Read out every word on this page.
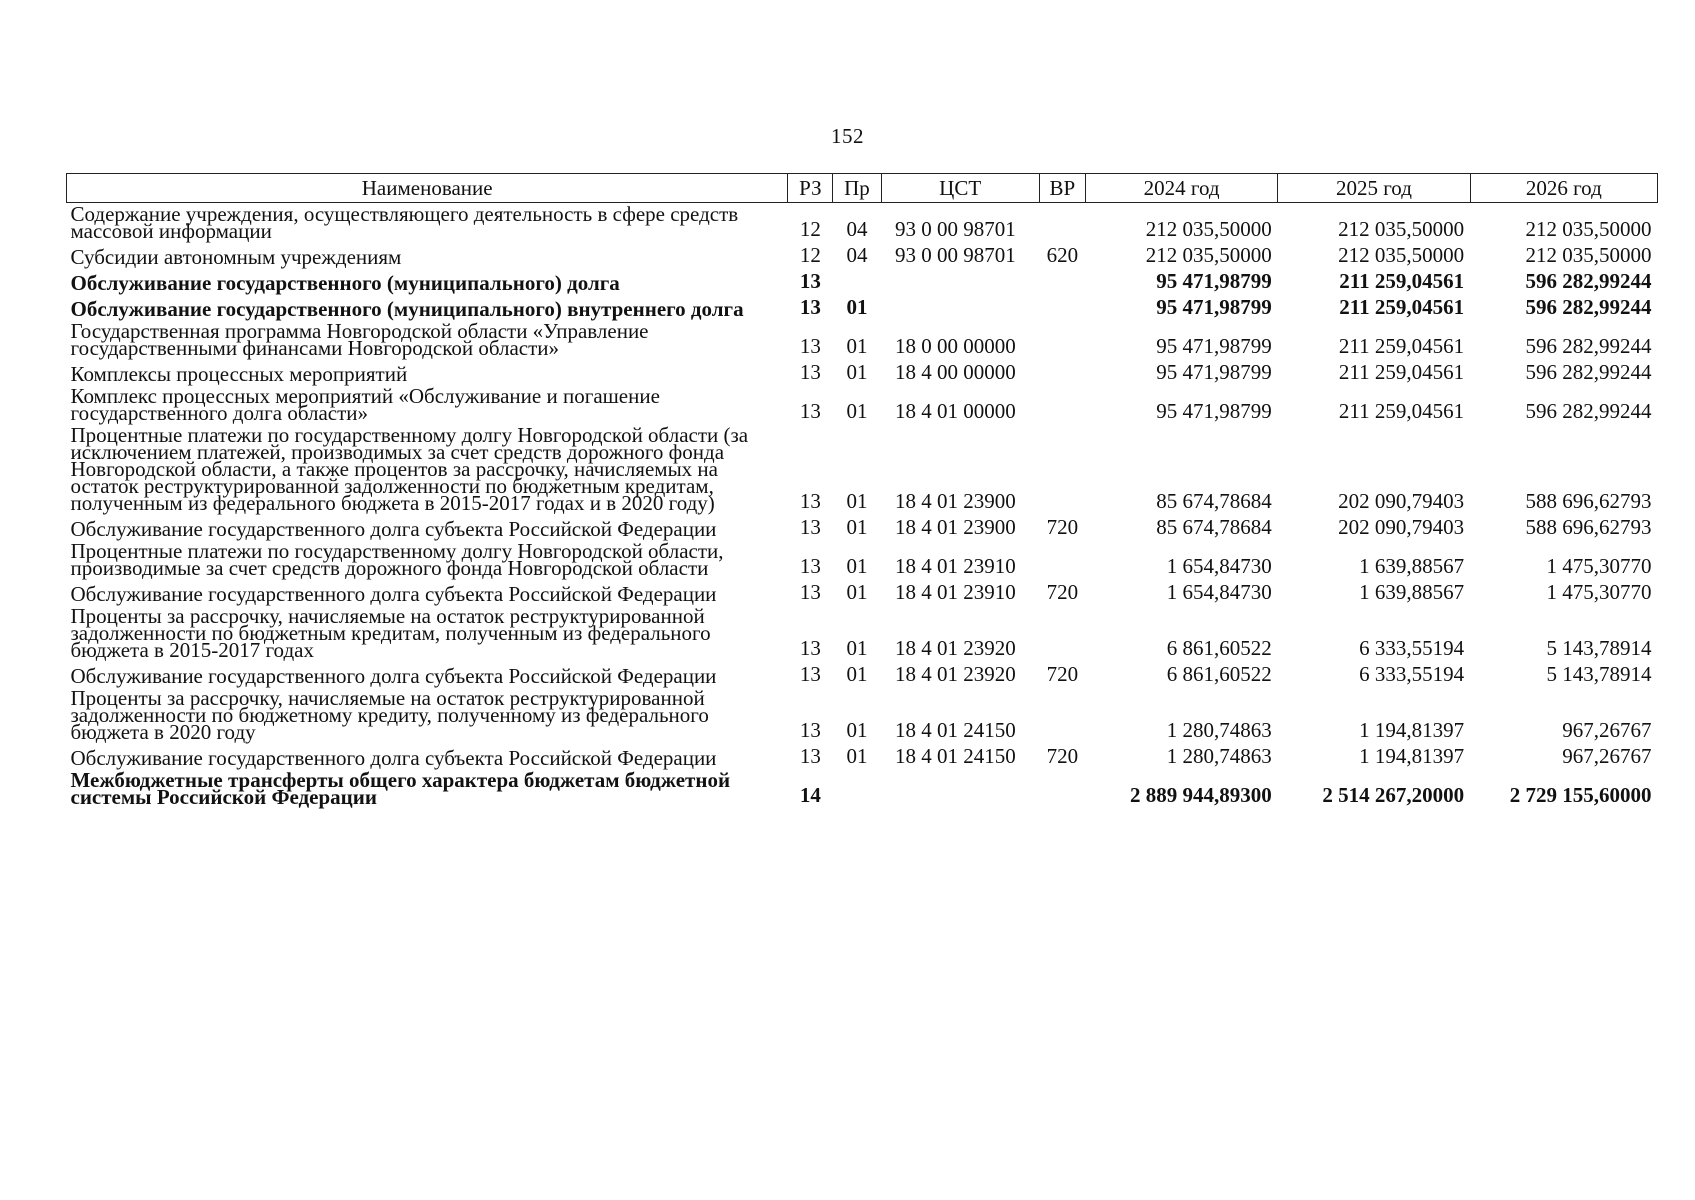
152
Наименование	РЗ	Пр	ЦСТ	ВР	2024 год	2025 год	2026 год
Содержание учреждения, осуществляющего деятельность в сфере средств массовой информации	12	04	93 0 00 98701		212 035,50000	212 035,50000	212 035,50000
Субсидии автономным учреждениям	12	04	93 0 00 98701	620	212 035,50000	212 035,50000	212 035,50000
Обслуживание государственного (муниципального) долга	13				95 471,98799	211 259,04561	596 282,99244
Обслуживание государственного (муниципального) внутреннего долга	13	01			95 471,98799	211 259,04561	596 282,99244
Государственная программа Новгородской области «Управление государственными финансами Новгородской области»	13	01	18 0 00 00000		95 471,98799	211 259,04561	596 282,99244
Комплексы процессных мероприятий	13	01	18 4 00 00000		95 471,98799	211 259,04561	596 282,99244
Комплекс процессных мероприятий «Обслуживание и погашение государственного долга области»	13	01	18 4 01 00000		95 471,98799	211 259,04561	596 282,99244
Процентные платежи по государственному долгу Новгородской области (за исключением платежей, производимых за счет средств дорожного фонда Новгородской области, а также процентов за рассрочку, начисляемых на остаток реструктурированной задолженности по бюджетным кредитам, полученным из федерального бюджета в 2015-2017 годах и в 2020 году)	13	01	18 4 01 23900		85 674,78684	202 090,79403	588 696,62793
Обслуживание государственного долга субъекта Российской Федерации	13	01	18 4 01 23900	720	85 674,78684	202 090,79403	588 696,62793
Процентные платежи по государственному долгу Новгородской области, производимые за счет средств дорожного фонда Новгородской области	13	01	18 4 01 23910		1 654,84730	1 639,88567	1 475,30770
Обслуживание государственного долга субъекта Российской Федерации	13	01	18 4 01 23910	720	1 654,84730	1 639,88567	1 475,30770
Проценты за рассрочку, начисляемые на остаток реструктурированной задолженности по бюджетным кредитам, полученным из федерального бюджета в 2015-2017 годах	13	01	18 4 01 23920		6 861,60522	6 333,55194	5 143,78914
Обслуживание государственного долга субъекта Российской Федерации	13	01	18 4 01 23920	720	6 861,60522	6 333,55194	5 143,78914
Проценты за рассрочку, начисляемые на остаток реструктурированной задолженности по бюджетному кредиту, полученному из федерального бюджета в 2020 году	13	01	18 4 01 24150		1 280,74863	1 194,81397	967,26767
Обслуживание государственного долга субъекта Российской Федерации	13	01	18 4 01 24150	720	1 280,74863	1 194,81397	967,26767
Межбюджетные трансферты общего характера бюджетам бюджетной системы Российской Федерации	14				2 889 944,89300	2 514 267,20000	2 729 155,60000
